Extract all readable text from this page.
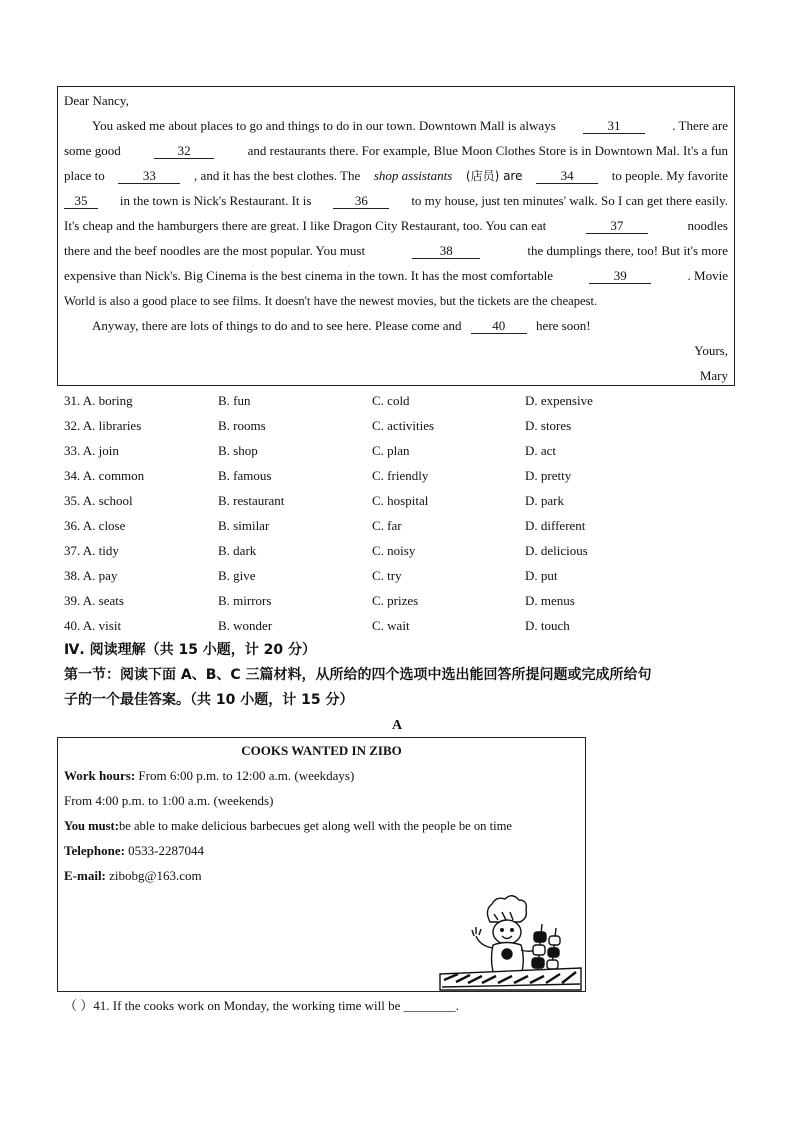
Dear Nancy,
You asked me about places to go and things to do in our town. Downtown Mall is always	31	. There are
some good	32	and restaurants there. For example, Blue Moon Clothes Store is in Downtown Mal. It's a fun
place to	33	, and it has the best clothes. The shop assistants (店员) are	34	to people. My favorite
35	in the town is Nick's Restaurant. It is	36	to my house, just ten minutes' walk. So I can get there easily.
It's cheap and the hamburgers there are great. I like Dragon City Restaurant, too. You can eat	37	noodles
there and the beef noodles are the most popular. You must	38	the dumplings there, too! But it's more
expensive than Nick's. Big Cinema is the best cinema in the town. It has the most comfortable	39	. Movie
World is also a good place to see films. It doesn't have the newest movies, but the tickets are the cheapest.
Anyway, there are lots of things to do and to see here. Please come and 40 here soon!
Yours,
Mary
31. A. boring	B. fun	C. cold	D. expensive
32. A. libraries	B. rooms	C. activities	D. stores
33. A. join	B. shop	C. plan	D. act
34. A. common	B. famous	C. friendly	D. pretty
35. A. school	B. restaurant	C. hospital	D. park
36. A. close	B. similar	C. far	D. different
37. A. tidy	B. dark	C. noisy	D. delicious
38. A. pay	B. give	C. try	D. put
39. A. seats	B. mirrors	C. prizes	D. menus
40. A. visit	B. wonder	C. wait	D. touch
Ⅳ. 阅读理解（共 15 小题，计 20 分）
第一节：阅读下面 A、B、C 三篇材料，从所给的四个选项中选出能回答所提问题或完成所给句
子的一个最佳答案。（共 10 小题，计 15 分）
A
COOKS WANTED IN ZIBO
Work hours: From 6:00 p.m. to 12:00 a.m. (weekdays)
From 4:00 p.m. to 1:00 a.m. (weekends)
You must:be able to make delicious barbecues get along well with the people be on time
Telephone: 0533-2287044
E-mail: zibobg@163.com
（ ）41. If the cooks work on Monday, the working time will be ________.
